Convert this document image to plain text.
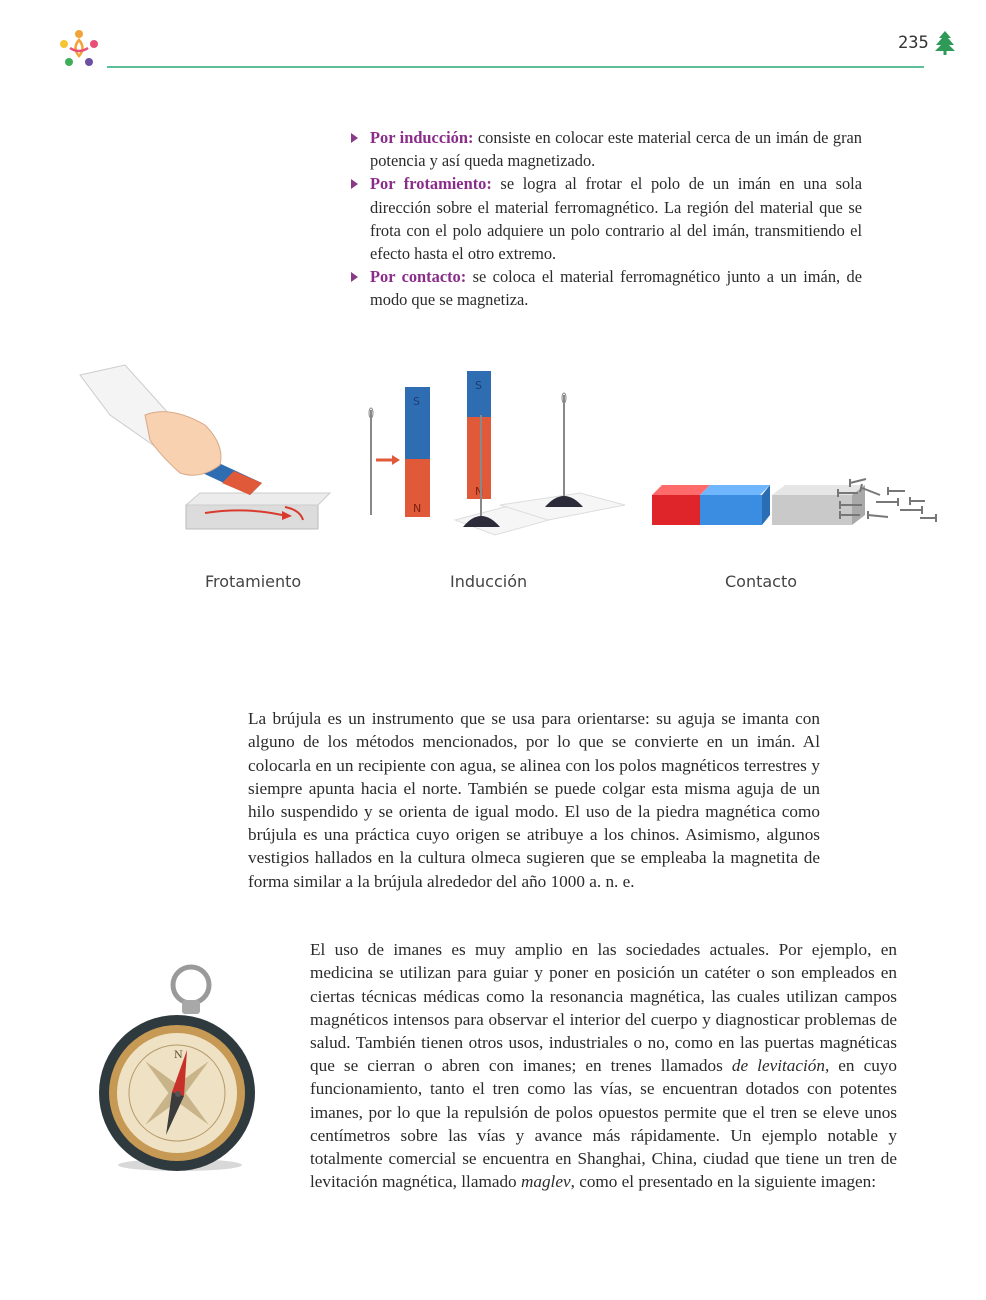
235
Por inducción: consiste en colocar este material cerca de un imán de gran potencia y así queda magnetizado.
Por frotamiento: se logra al frotar el polo de un imán en una sola dirección sobre el material ferromagnético. La región del material que se frota con el polo adquiere un polo contrario al del imán, transmitiendo el efecto hasta el otro extremo.
Por contacto: se coloca el material ferromagnético junto a un imán, de modo que se magnetiza.
S
N
S
N
Frotamiento	Inducción	Contacto

La brújula es un instrumento que se usa para orientarse: su aguja se imanta con alguno de los métodos mencionados, por lo que se convierte en un imán. Al colocarla en un recipiente con agua, se alinea con los polos magnéticos terrestres y siempre apunta hacia el norte. También se puede colgar esta misma aguja de un hilo suspendido y se orienta de igual modo. El uso de la piedra magnética como brújula es una práctica cuyo origen se atribuye a los chinos. Asimismo, algunos vestigios hallados en la cultura olmeca sugieren que se empleaba la magnetita de forma similar a la brújula alrededor del año 1000 a. n. e.

N

El uso de imanes es muy amplio en las sociedades actuales. Por ejemplo, en medicina se utilizan para guiar y poner en posición un catéter o son empleados en ciertas técnicas médicas como la resonancia magnética, las cuales utilizan campos magnéticos intensos para observar el interior del cuerpo y diagnosticar problemas de salud. También tienen otros usos, industriales o no, como en las puertas magnéticas que se cierran o abren con imanes; en trenes llamados de levitación, en cuyo funcionamiento, tanto el tren como las vías, se encuentran dotados con potentes imanes, por lo que la repulsión de polos opuestos permite que el tren se eleve unos centímetros sobre las vías y avance más rápidamente. Un ejemplo notable y totalmente comercial se encuentra en Shanghai, China, ciudad que tiene un tren de levitación magnética, llamado maglev, como el presentado en la siguiente imagen:
